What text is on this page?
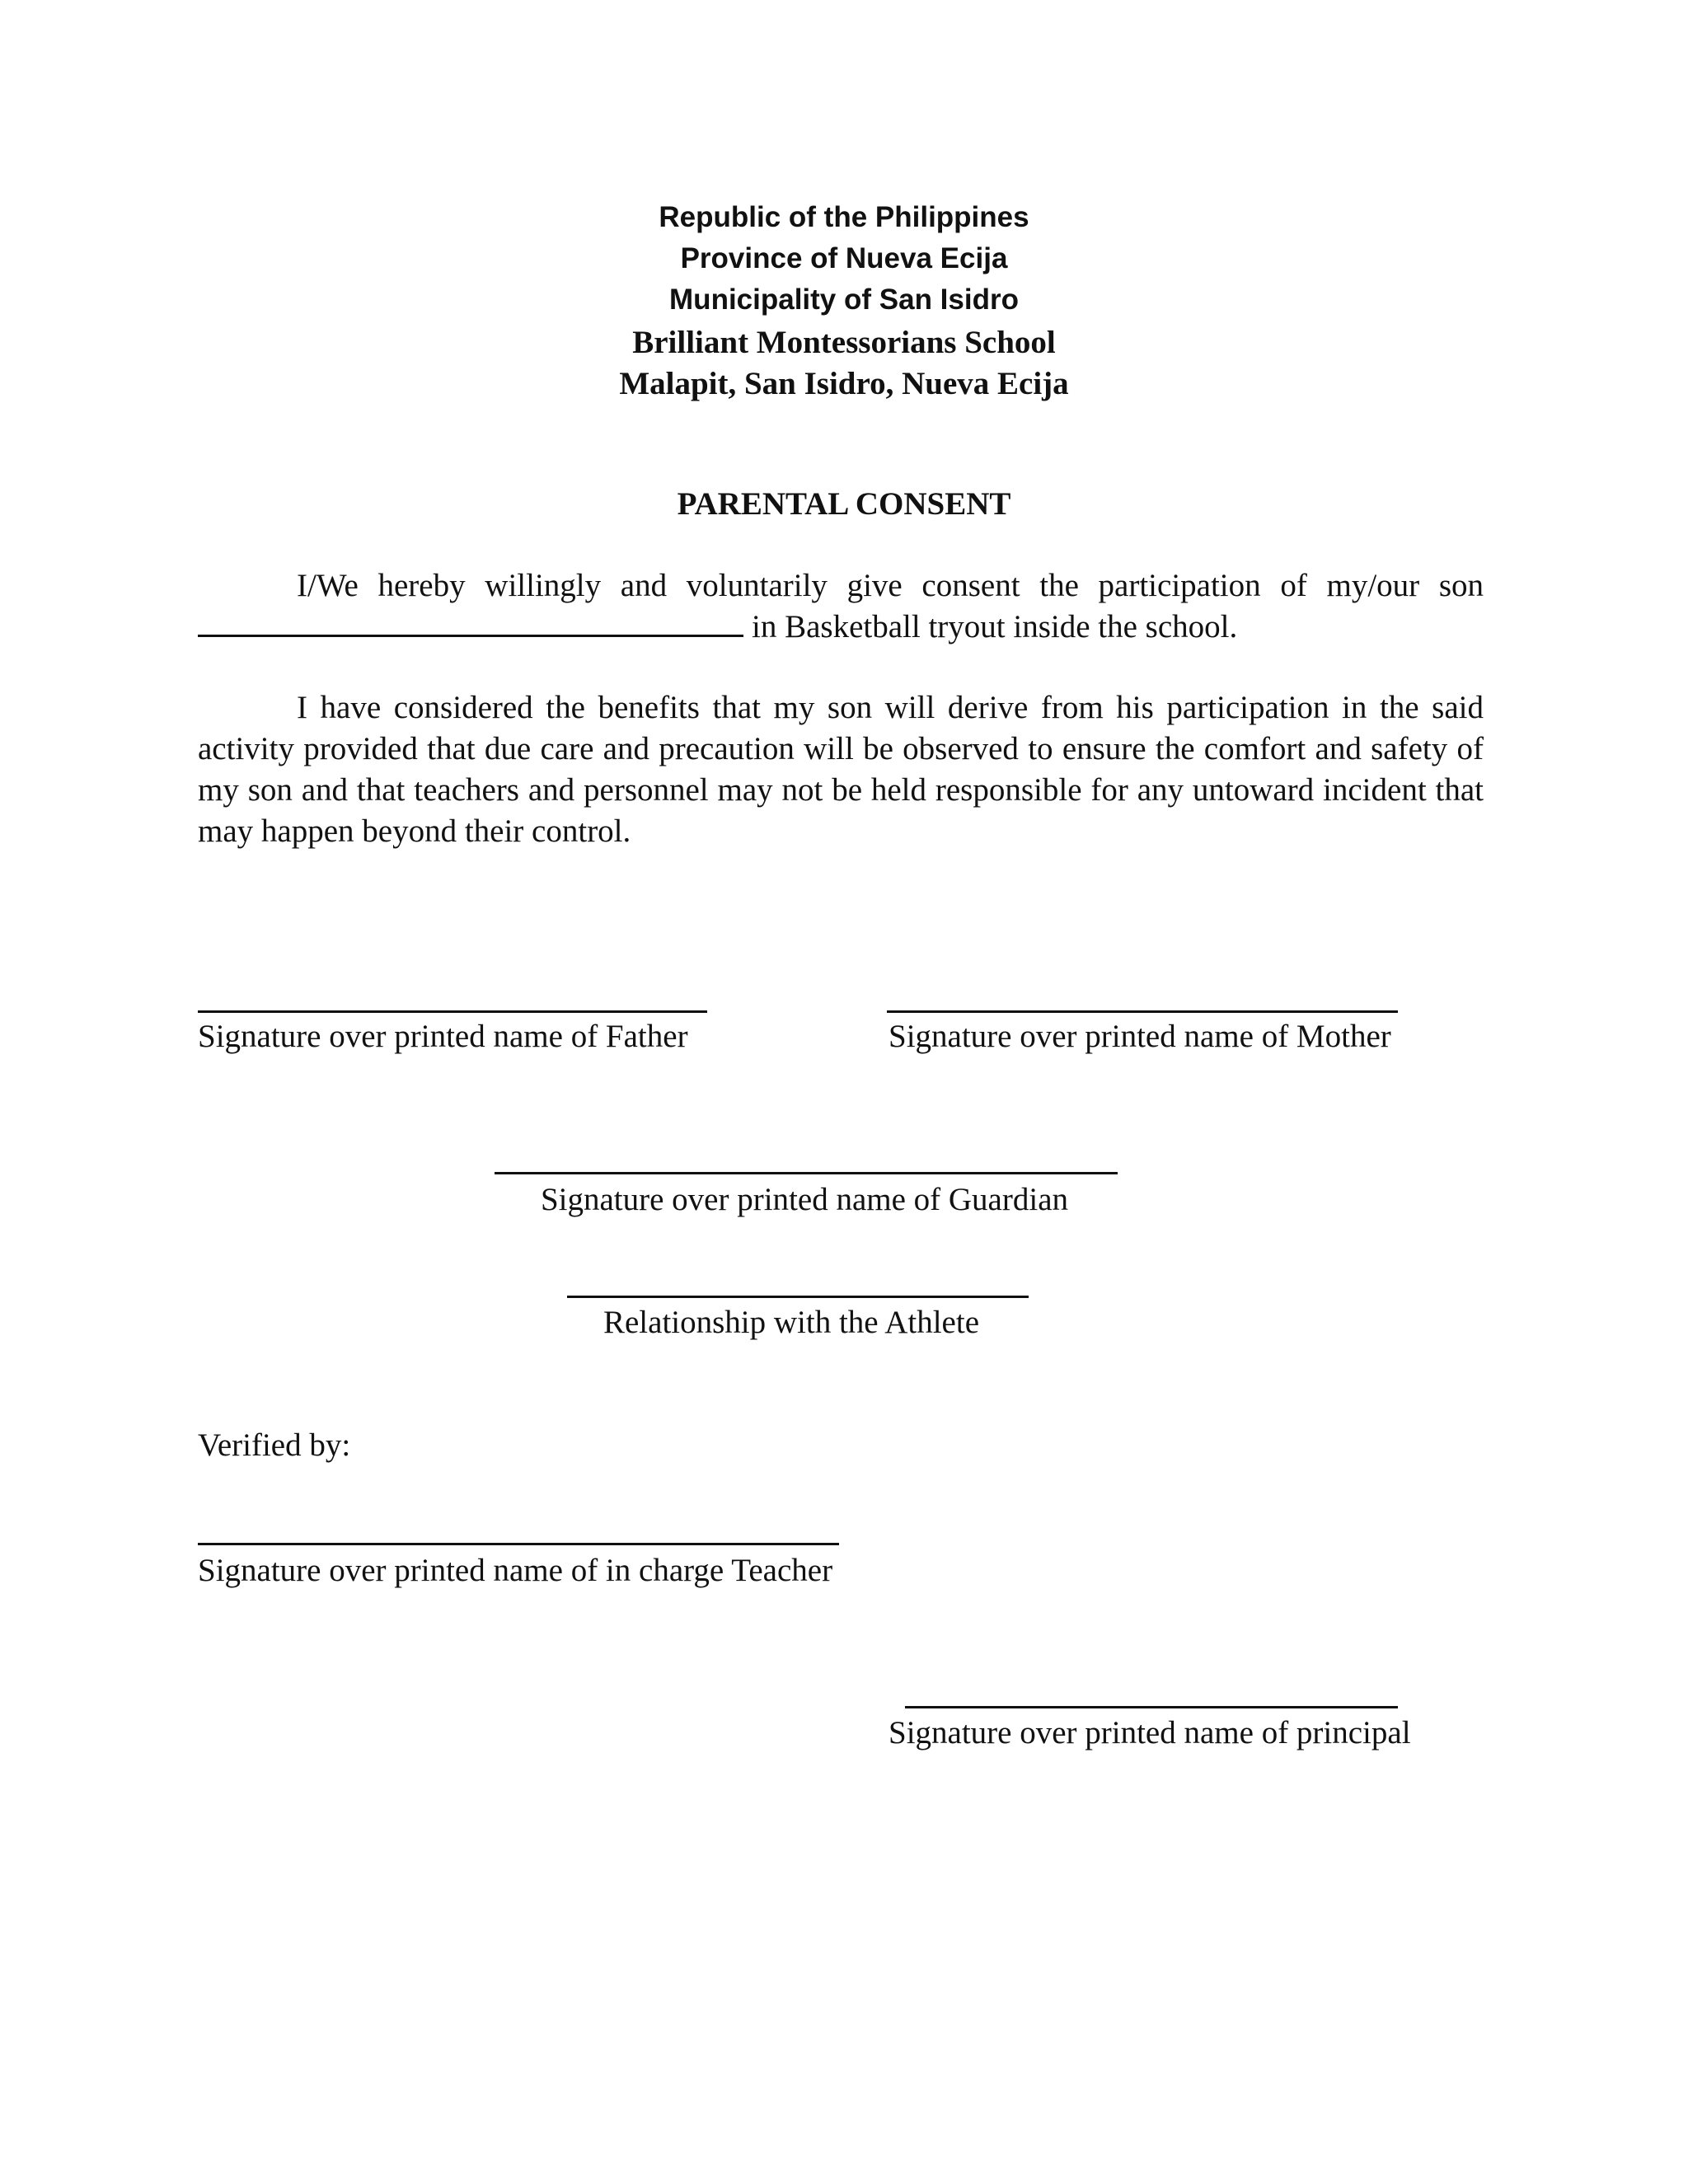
Republic of the Philippines
Province of Nueva Ecija
Municipality of San Isidro
Brilliant Montessorians School
Malapit, San Isidro, Nueva Ecija
PARENTAL CONSENT

I/We hereby willingly and voluntarily give consent the participation of my/our son

in Basketball tryout inside the school.

I have considered the benefits that my son will derive from his participation in the said activity provided that due care and precaution will be observed to ensure the comfort and safety of my son and that teachers and personnel may not be held responsible for any untoward incident that may happen beyond their control.

Signature over printed name of Father	Signature over printed name of Mother
Signature over printed name of Guardian
Relationship with the Athlete
Verified by:
Signature over printed name of in charge Teacher
Signature over printed name of principal
